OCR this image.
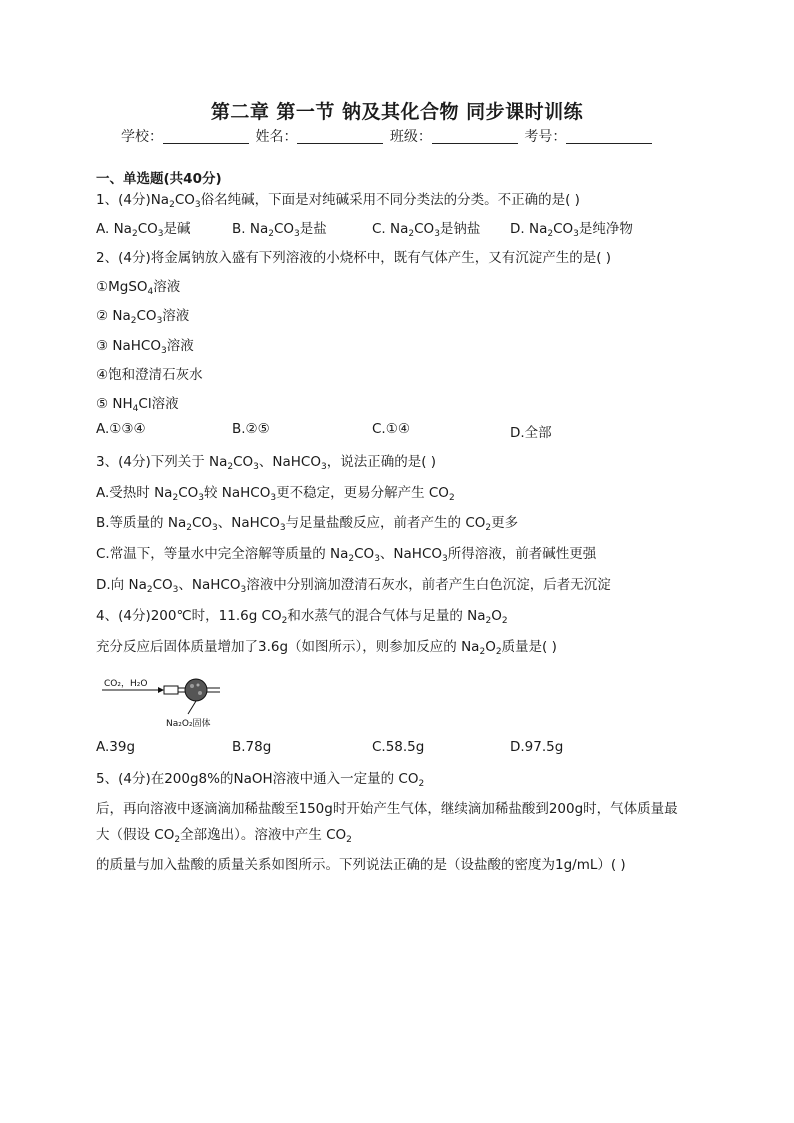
第二章 第一节 钠及其化合物 同步课时训练
学校：	姓名：	班级：	考号：
一、单选题(共40分)
1、(4分)$Na_2CO_3$俗名纯碱，下面是对纯碱采用不同分类法的分类。不正确的是( )
A. $Na_2CO_3$是碱	B. $Na_2CO_3$是盐	C. $Na_2CO_3$是钠盐 D. $Na_2CO_3$是纯净物
2、(4分)将金属钠放入盛有下列溶液的小烧杯中，既有气体产生，又有沉淀产生的是( )
①MgSO$_4$溶液
② $Na_2CO_3$溶液
③ NaHCO$_3$溶液
④饱和澄清石灰水
⑤ $NH_4Cl$溶液
A.①③④	B.②⑤	C.①④	D.全部
3、(4分)下列关于 $Na_2CO_3$、NaHCO$_3$，说法正确的是( )
A.受热时 $Na_2CO_3$较 NaHCO$_3$更不稳定，更易分解产生 $CO_2$
B.等质量的 $Na_2CO_3$、NaHCO$_3$与足量盐酸反应，前者产生的 $CO_2$更多
C.常温下，等量水中完全溶解等质量的 $Na_2CO_3$、NaHCO$_3$所得溶液，前者碱性更强
D.向 $Na_2CO_3$、NaHCO$_3$溶液中分别滴加澄清石灰水，前者产生白色沉淀，后者无沉淀
4、(4分)200℃时，11.6g $CO_2$和水蒸气的混合气体与足量的 $Na_2O_2$
充分反应后固体质量增加了3.6g（如图所示），则参加反应的 $Na_2O_2$质量是( )
CO₂，H₂O
Na₂O₂固体
A.39g	B.78g	C.58.5g	D.97.5g
5、(4分)在200g8%的NaOH溶液中通入一定量的 $CO_2$
后，再向溶液中逐滴滴加稀盐酸至150g时开始产生气体，继续滴加稀盐酸到200g时，气体质量最
大（假设 $CO_2$全部逸出）。溶液中产生 $CO_2$
的质量与加入盐酸的质量关系如图所示。下列说法正确的是（设盐酸的密度为1g/mL）( )
